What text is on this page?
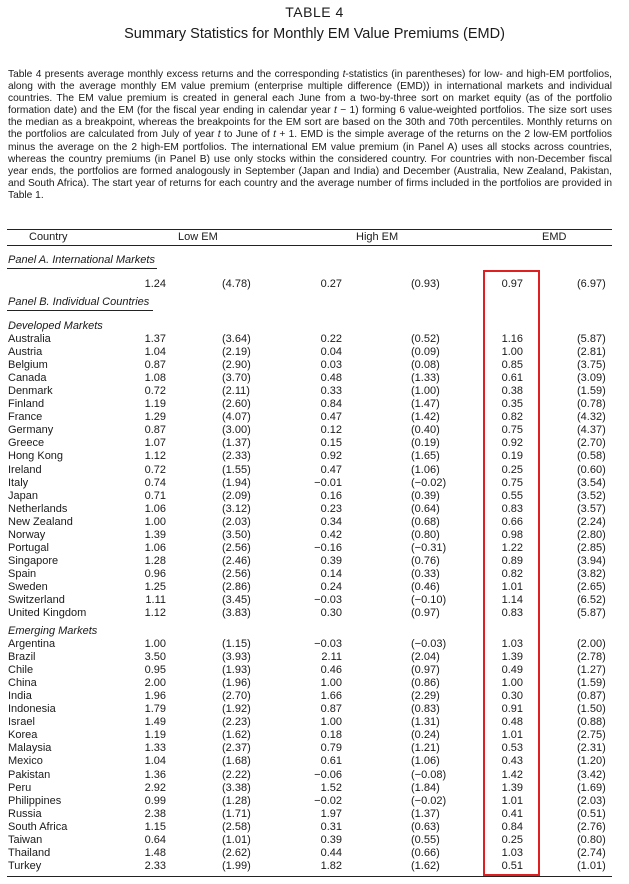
TABLE 4
Summary Statistics for Monthly EM Value Premiums (EMD)
Table 4 presents average monthly excess returns and the corresponding t-statistics (in parentheses) for low- and high-EM portfolios, along with the average monthly EM value premium (enterprise multiple difference (EMD)) in international markets and individual countries. The EM value premium is created in general each June from a two-by-three sort on market equity (as of the portfolio formation date) and the EM (for the fiscal year ending in calendar year t − 1) forming 6 value-weighted portfolios. The size sort uses the median as a breakpoint, whereas the breakpoints for the EM sort are based on the 30th and 70th percentiles. Monthly returns on the portfolios are calculated from July of year t to June of t + 1. EMD is the simple average of the returns on the 2 low-EM portfolios minus the average on the 2 high-EM portfolios. The international EM value premium (in Panel A) uses all stocks across countries, whereas the country premiums (in Panel B) use only stocks within the considered country. For countries with non-December fiscal year ends, the portfolios are formed analogously in September (Japan and India) and December (Australia, New Zealand, Pakistan, and South Africa). The start year of returns for each country and the average number of firms included in the portfolios are provided in Table 1.
Country	Low EM	High EM	EMD
Panel A. International Markets
1.24	(4.78)	0.27	(0.93)	0.97	(6.97)
Panel B. Individual Countries
Developed Markets
Australia	1.37	(3.64)	0.22	(0.52)	1.16	(5.87)
Austria	1.04	(2.19)	0.04	(0.09)	1.00	(2.81)
Belgium	0.87	(2.90)	0.03	(0.08)	0.85	(3.75)
Canada	1.08	(3.70)	0.48	(1.33)	0.61	(3.09)
Denmark	0.72	(2.11)	0.33	(1.00)	0.38	(1.59)
Finland	1.19	(2.60)	0.84	(1.47)	0.35	(0.78)
France	1.29	(4.07)	0.47	(1.42)	0.82	(4.32)
Germany	0.87	(3.00)	0.12	(0.40)	0.75	(4.37)
Greece	1.07	(1.37)	0.15	(0.19)	0.92	(2.70)
Hong Kong	1.12	(2.33)	0.92	(1.65)	0.19	(0.58)
Ireland	0.72	(1.55)	0.47	(1.06)	0.25	(0.60)
Italy	0.74	(1.94)	−0.01	(−0.02)	0.75	(3.54)
Japan	0.71	(2.09)	0.16	(0.39)	0.55	(3.52)
Netherlands	1.06	(3.12)	0.23	(0.64)	0.83	(3.57)
New Zealand	1.00	(2.03)	0.34	(0.68)	0.66	(2.24)
Norway	1.39	(3.50)	0.42	(0.80)	0.98	(2.80)
Portugal	1.06	(2.56)	−0.16	(−0.31)	1.22	(2.85)
Singapore	1.28	(2.46)	0.39	(0.76)	0.89	(3.94)
Spain	0.96	(2.56)	0.14	(0.33)	0.82	(3.82)
Sweden	1.25	(2.86)	0.24	(0.46)	1.01	(2.65)
Switzerland	1.11	(3.45)	−0.03	(−0.10)	1.14	(6.52)
United Kingdom	1.12	(3.83)	0.30	(0.97)	0.83	(5.87)
Emerging Markets
Argentina	1.00	(1.15)	−0.03	(−0.03)	1.03	(2.00)
Brazil	3.50	(3.93)	2.11	(2.04)	1.39	(2.78)
Chile	0.95	(1.93)	0.46	(0.97)	0.49	(1.27)
China	2.00	(1.96)	1.00	(0.86)	1.00	(1.59)
India	1.96	(2.70)	1.66	(2.29)	0.30	(0.87)
Indonesia	1.79	(1.92)	0.87	(0.83)	0.91	(1.50)
Israel	1.49	(2.23)	1.00	(1.31)	0.48	(0.88)
Korea	1.19	(1.62)	0.18	(0.24)	1.01	(2.75)
Malaysia	1.33	(2.37)	0.79	(1.21)	0.53	(2.31)
Mexico	1.04	(1.68)	0.61	(1.06)	0.43	(1.20)
Pakistan	1.36	(2.22)	−0.06	(−0.08)	1.42	(3.42)
Peru	2.92	(3.38)	1.52	(1.84)	1.39	(1.69)
Philippines	0.99	(1.28)	−0.02	(−0.02)	1.01	(2.03)
Russia	2.38	(1.71)	1.97	(1.37)	0.41	(0.51)
South Africa	1.15	(2.58)	0.31	(0.63)	0.84	(2.76)
Taiwan	0.64	(1.01)	0.39	(0.55)	0.25	(0.80)
Thailand	1.48	(2.62)	0.44	(0.66)	1.03	(2.74)
Turkey	2.33	(1.99)	1.82	(1.62)	0.51	(1.01)
